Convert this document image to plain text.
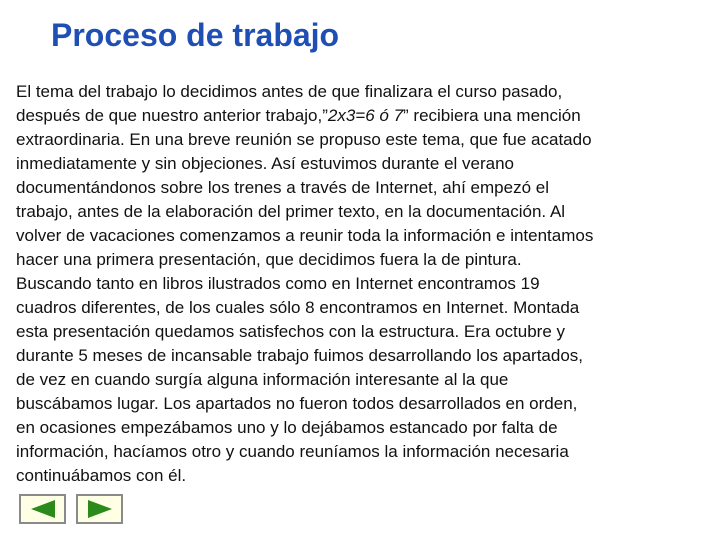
Proceso de trabajo

El tema del trabajo lo decidimos antes de que finalizara el curso pasado,
después de que nuestro anterior trabajo,”2x3=6 ó 7” recibiera una mención
extraordinaria. En una breve reunión se propuso este tema, que fue acatado
inmediatamente y sin objeciones. Así estuvimos durante el verano
documentándonos sobre los trenes a través de Internet, ahí empezó el
trabajo, antes de la elaboración del primer texto, en la documentación. Al
volver de vacaciones comenzamos a reunir toda la información e intentamos
hacer una primera presentación, que decidimos fuera la de pintura.
Buscando tanto en libros ilustrados como en Internet encontramos 19
cuadros diferentes, de los cuales sólo 8 encontramos en Internet. Montada
esta presentación quedamos satisfechos con la estructura. Era octubre y
durante 5 meses de incansable trabajo fuimos desarrollando los apartados,
de vez en cuando surgía alguna información interesante al la que
buscábamos lugar. Los apartados no fueron todos desarrollados en orden,
en ocasiones empezábamos uno y lo dejábamos estancado por falta de
información, hacíamos otro y cuando reuníamos la información necesaria
continuábamos con él.
